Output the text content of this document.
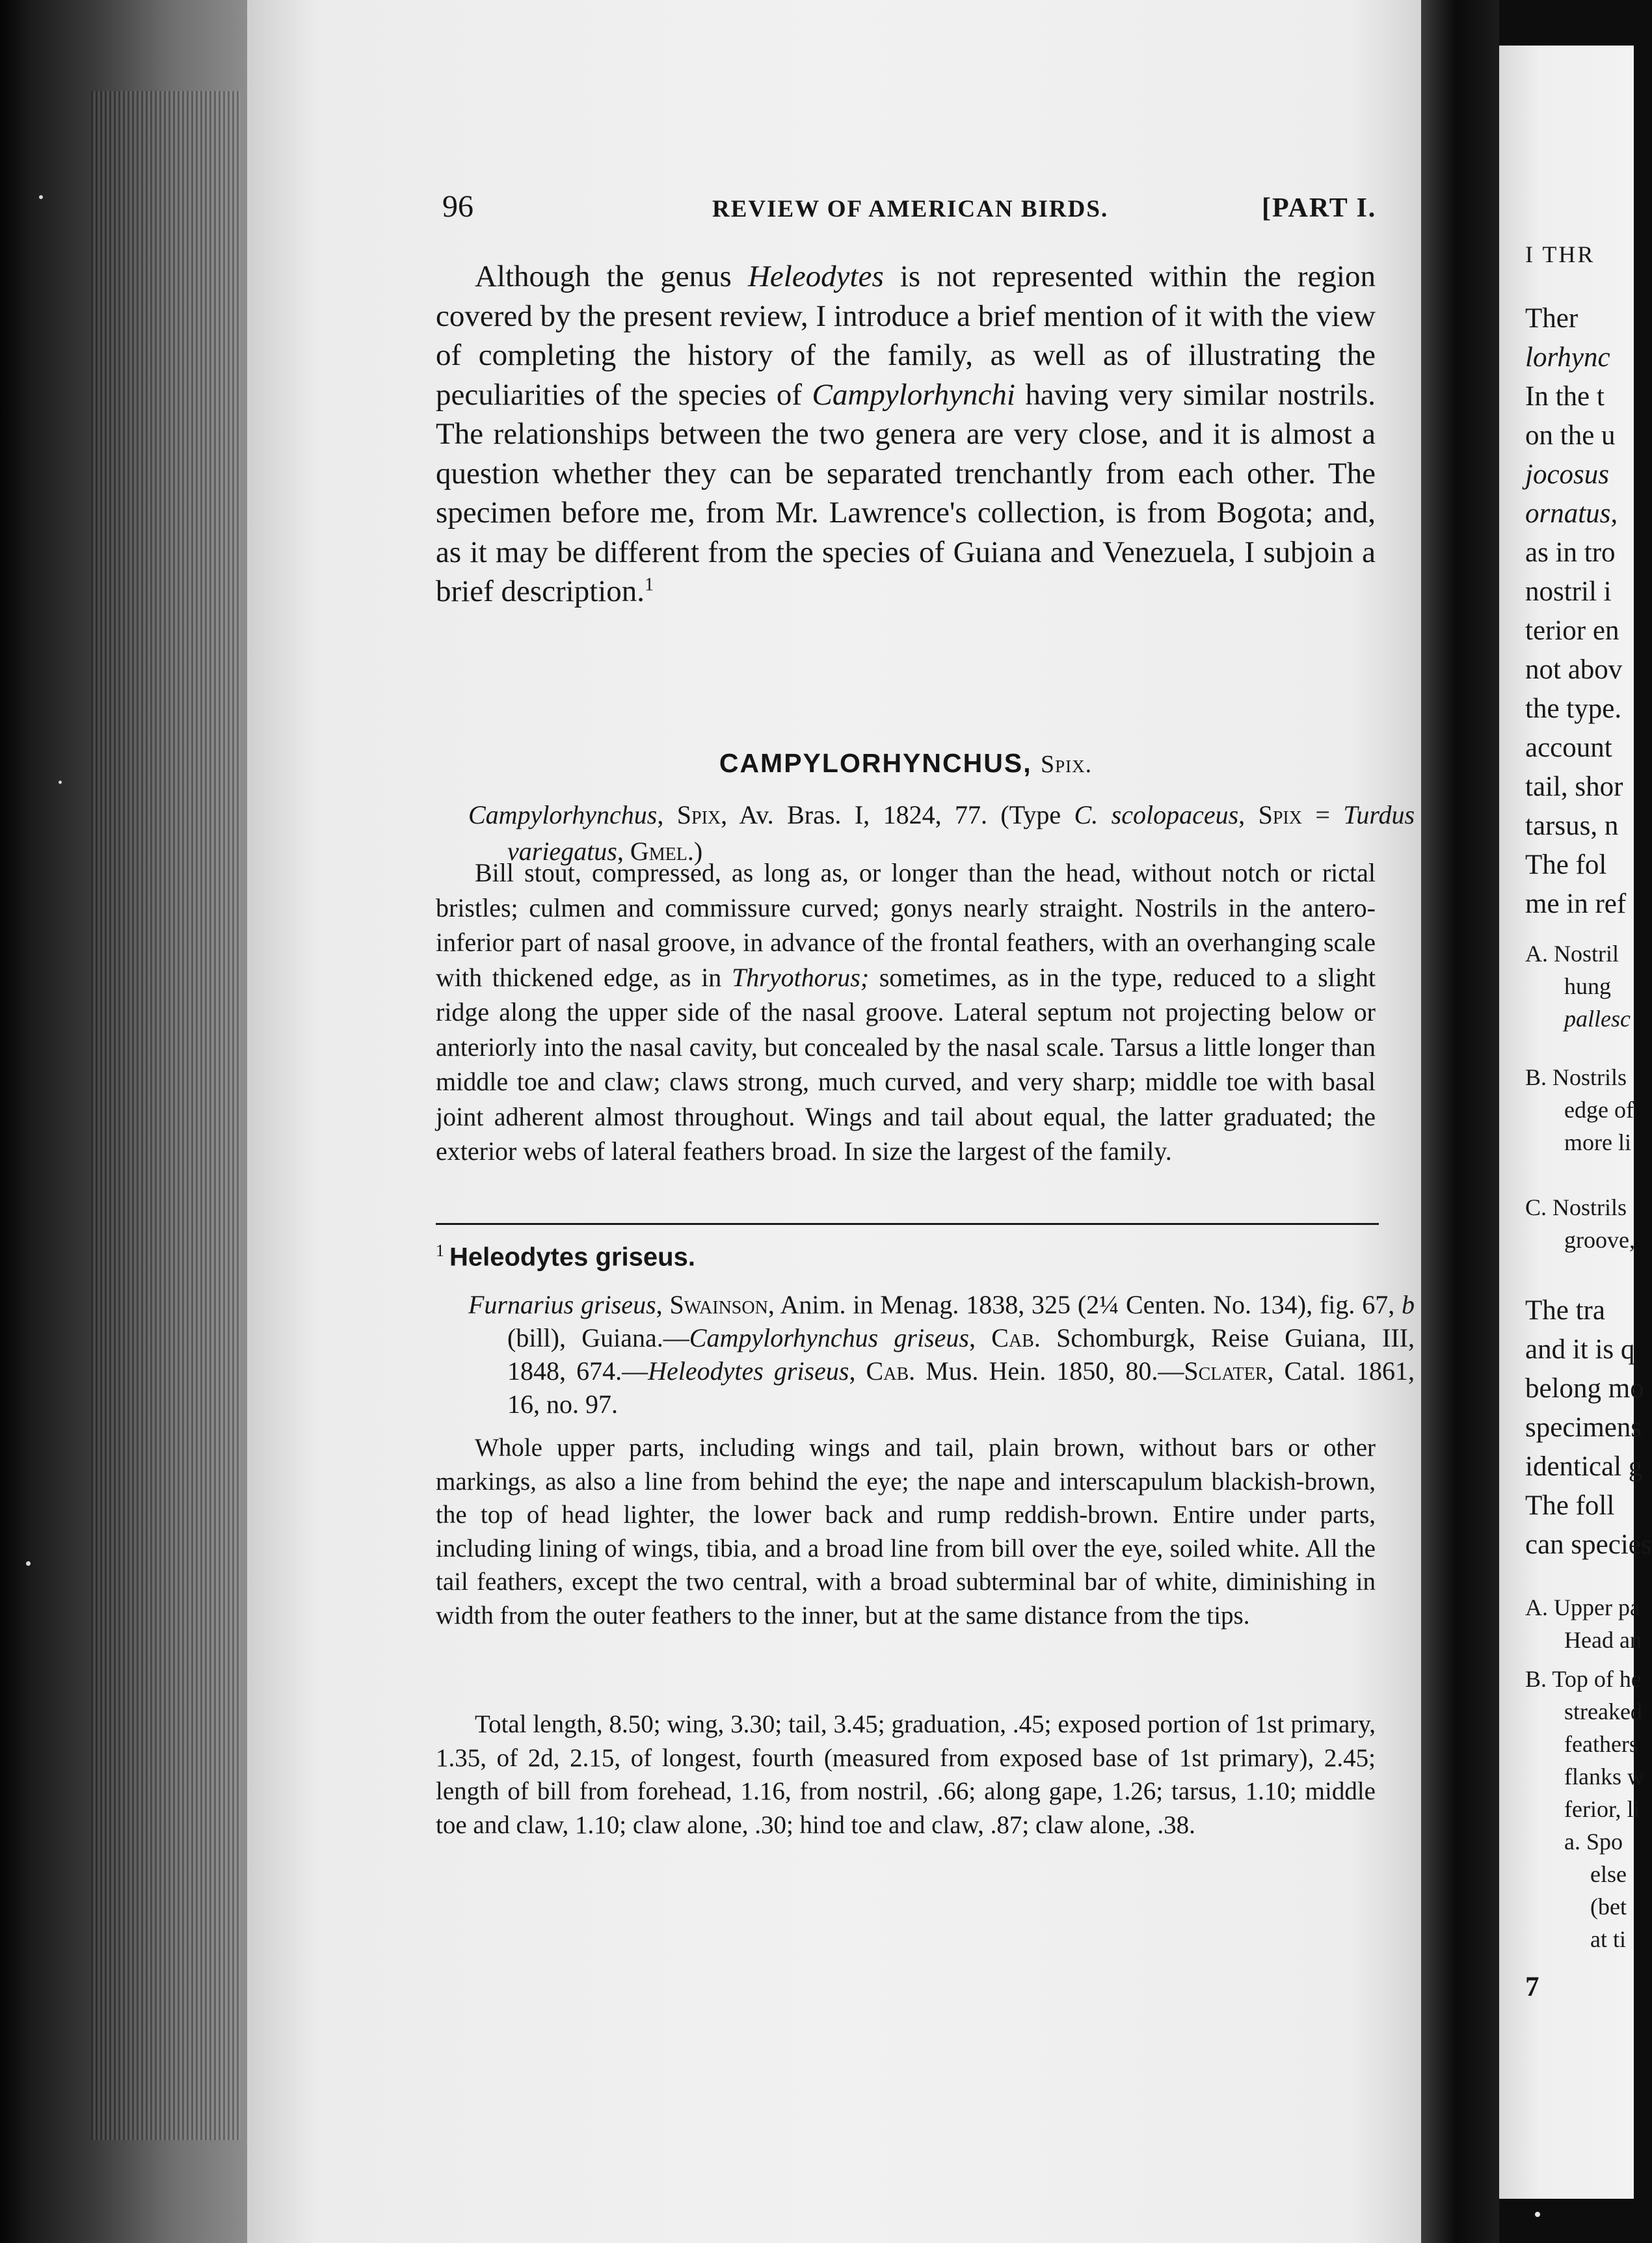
96	REVIEW OF AMERICAN BIRDS.	[PART I.
Although the genus Heleodytes is not represented within the region covered by the present review, I introduce a brief mention of it with the view of completing the history of the family, as well as of illustrating the peculiarities of the species of Campylorhynchi having very similar nostrils. The relationships between the two genera are very close, and it is almost a question whether they can be separated trenchantly from each other. The specimen before me, from Mr. Lawrence's collection, is from Bogota; and, as it may be different from the species of Guiana and Venezuela, I subjoin a brief description.$^1$
CAMPYLORHYNCHUS, Spix.
Campylorhynchus, Spix, Av. Bras. I, 1824, 77. (Type C. scolopaceus, Spix = Turdus variegatus, Gmel.)
Bill stout, compressed, as long as, or longer than the head, without notch or rictal bristles; culmen and commissure curved; gonys nearly straight. Nostrils in the antero-inferior part of nasal groove, in advance of the frontal feathers, with an overhanging scale with thickened edge, as in Thryothorus; sometimes, as in the type, reduced to a slight ridge along the upper side of the nasal groove. Lateral septum not projecting below or anteriorly into the nasal cavity, but concealed by the nasal scale. Tarsus a little longer than middle toe and claw; claws strong, much curved, and very sharp; middle toe with basal joint adherent almost throughout. Wings and tail about equal, the latter graduated; the exterior webs of lateral feathers broad. In size the largest of the family.
$^1$ Heleodytes griseus.
Furnarius griseus, Swainson, Anim. in Menag. 1838, 325 (2¼ Centen. No. 134), fig. 67, b (bill), Guiana.—Campylorhynchus griseus, Cab. Schomburgk, Reise Guiana, III, 1848, 674.—Heleodytes griseus, Cab. Mus. Hein. 1850, 80.—Sclater, Catal. 1861, 16, no. 97.
Whole upper parts, including wings and tail, plain brown, without bars or other markings, as also a line from behind the eye; the nape and interscapulum blackish-brown, the top of head lighter, the lower back and rump reddish-brown. Entire under parts, including lining of wings, tibia, and a broad line from bill over the eye, soiled white. All the tail feathers, except the two central, with a broad subterminal bar of white, diminishing in width from the outer feathers to the inner, but at the same distance from the tips.
Total length, 8.50; wing, 3.30; tail, 3.45; graduation, .45; exposed portion of 1st primary, 1.35, of 2d, 2.15, of longest, fourth (measured from exposed base of 1st primary), 2.45; length of bill from forehead, 1.16, from nostril, .66; along gape, 1.26; tarsus, 1.10; middle toe and claw, 1.10; claw alone, .30; hind toe and claw, .87; claw alone, .38.
I THR
Ther
lorhync
In the t
on the u
jocosus
ornatus,
as in tro
nostril i
terior en
not abov
the type.
account
tail, shor
tarsus, n
The fol
me in ref
A. Nostril
hung
pallesc
B. Nostrils
edge of
more li
C. Nostrils
groove,
The tra
and it is q
belong mo
specimens
identical g
The foll
can species
A. Upper pa
Head an
B. Top of he
streaked
feathers
flanks w
ferior, li
a. Spo
else
(bet
at ti
7
